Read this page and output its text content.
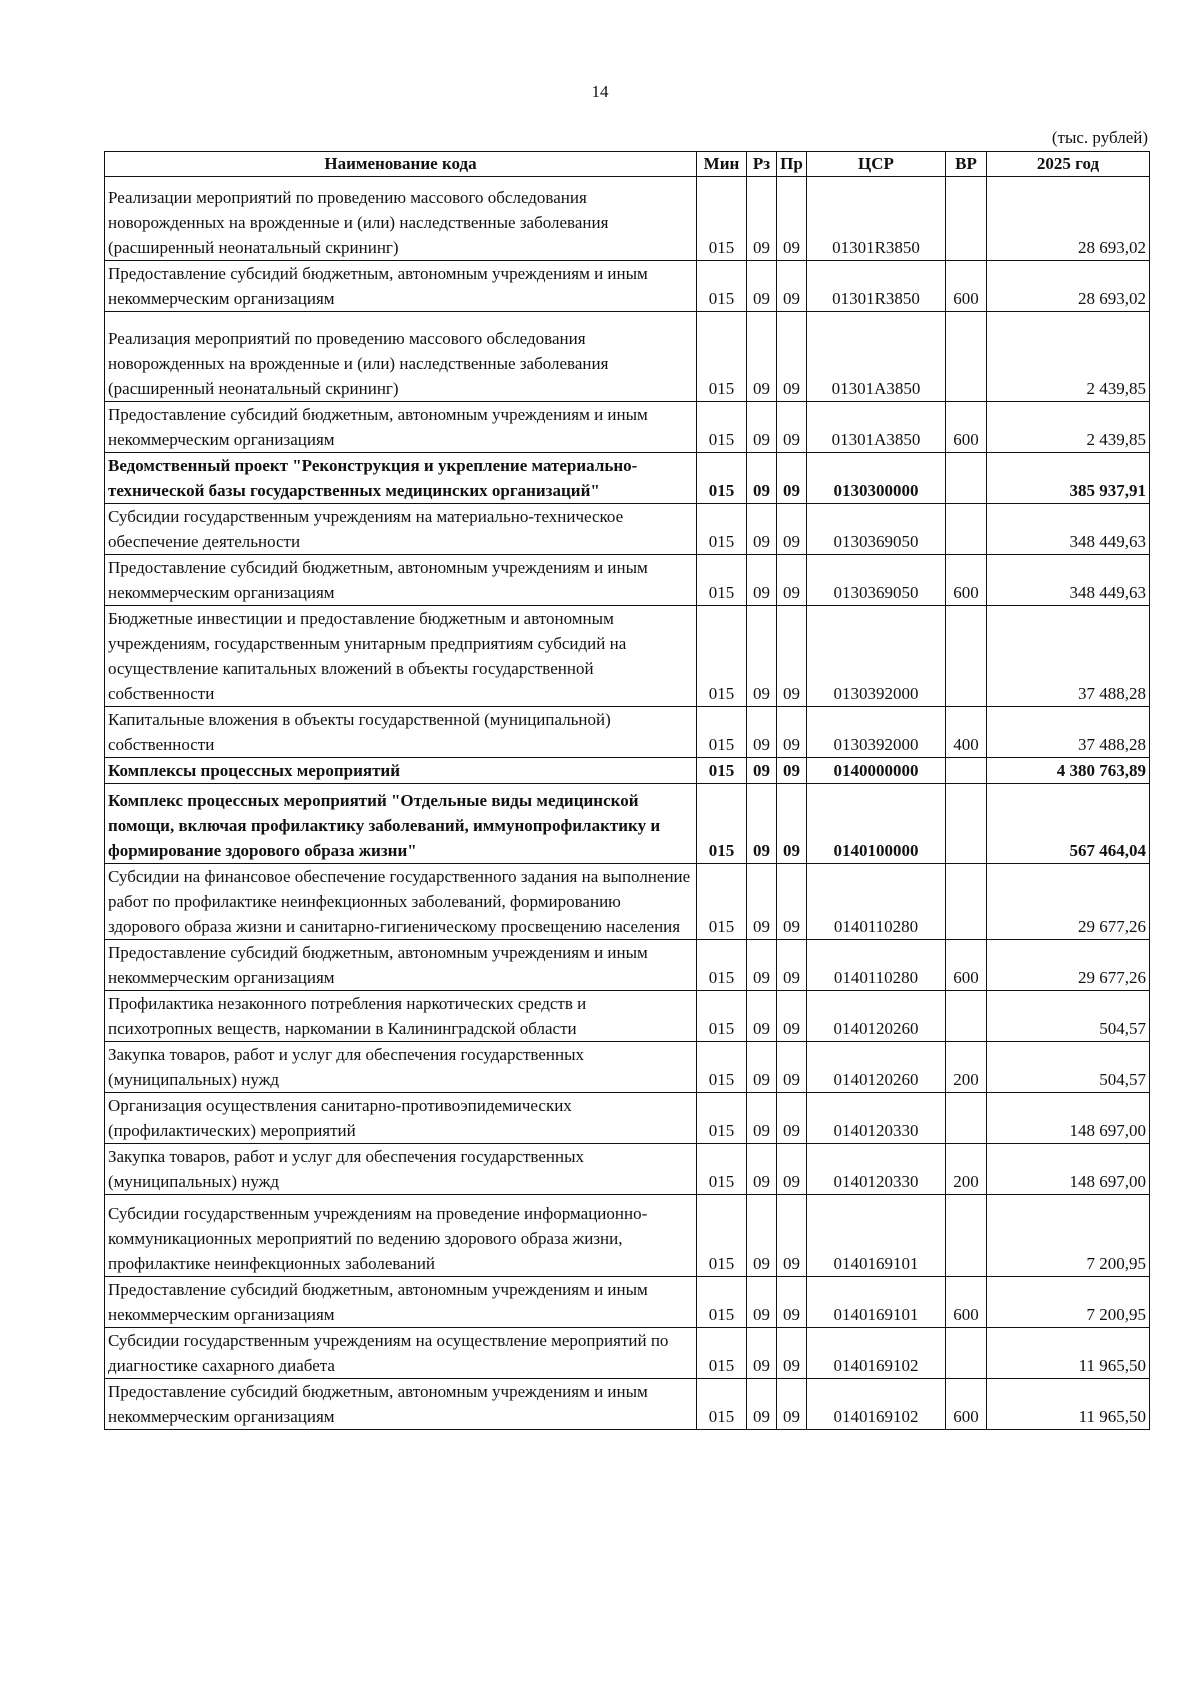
14
(тыс. рублей)
Наименование кода	Мин	Рз	Пр	ЦСР	ВР	2025 год
Реализации мероприятий по проведению массового обследования новорожденных на врожденные и (или) наследственные заболевания (расширенный неонатальный скрининг)	015	09	09	01301R3850		28 693,02
Предоставление субсидий бюджетным, автономным учреждениям и иным некоммерческим организациям	015	09	09	01301R3850	600	28 693,02
Реализация мероприятий по проведению массового обследования новорожденных на врожденные и (или) наследственные заболевания (расширенный неонатальный скрининг)	015	09	09	01301A3850		2 439,85
Предоставление субсидий бюджетным, автономным учреждениям и иным некоммерческим организациям	015	09	09	01301A3850	600	2 439,85
Ведомственный проект "Реконструкция и укрепление материально-технической базы государственных медицинских организаций"	015	09	09	0130300000		385 937,91
Субсидии государственным учреждениям на материально-техническое обеспечение деятельности	015	09	09	0130369050		348 449,63
Предоставление субсидий бюджетным, автономным учреждениям и иным некоммерческим организациям	015	09	09	0130369050	600	348 449,63
Бюджетные инвестиции и предоставление бюджетным и автономным учреждениям, государственным унитарным предприятиям субсидий на осуществление капитальных вложений в объекты государственной собственности	015	09	09	0130392000		37 488,28
Капитальные вложения в объекты государственной (муниципальной) собственности	015	09	09	0130392000	400	37 488,28
Комплексы процессных мероприятий	015	09	09	0140000000		4 380 763,89
Комплекс процессных мероприятий "Отдельные виды медицинской помощи, включая профилактику заболеваний, иммунопрофилактику и формирование здорового образа жизни"	015	09	09	0140100000		567 464,04
Субсидии на финансовое обеспечение государственного задания на выполнение работ по профилактике неинфекционных заболеваний, формированию здорового образа жизни и санитарно-гигиеническому просвещению населения	015	09	09	0140110280		29 677,26
Предоставление субсидий бюджетным, автономным учреждениям и иным некоммерческим организациям	015	09	09	0140110280	600	29 677,26
Профилактика незаконного потребления наркотических средств и психотропных веществ, наркомании в Калининградской области	015	09	09	0140120260		504,57
Закупка товаров, работ и услуг для обеспечения государственных (муниципальных) нужд	015	09	09	0140120260	200	504,57
Организация осуществления санитарно-противоэпидемических (профилактических) мероприятий	015	09	09	0140120330		148 697,00
Закупка товаров, работ и услуг для обеспечения государственных (муниципальных) нужд	015	09	09	0140120330	200	148 697,00
Субсидии государственным учреждениям на проведение информационно-коммуникационных мероприятий по ведению здорового образа жизни, профилактике неинфекционных заболеваний	015	09	09	0140169101		7 200,95
Предоставление субсидий бюджетным, автономным учреждениям и иным некоммерческим организациям	015	09	09	0140169101	600	7 200,95
Субсидии государственным учреждениям на осуществление мероприятий по диагностике сахарного диабета	015	09	09	0140169102		11 965,50
Предоставление субсидий бюджетным, автономным учреждениям и иным некоммерческим организациям	015	09	09	0140169102	600	11 965,50
